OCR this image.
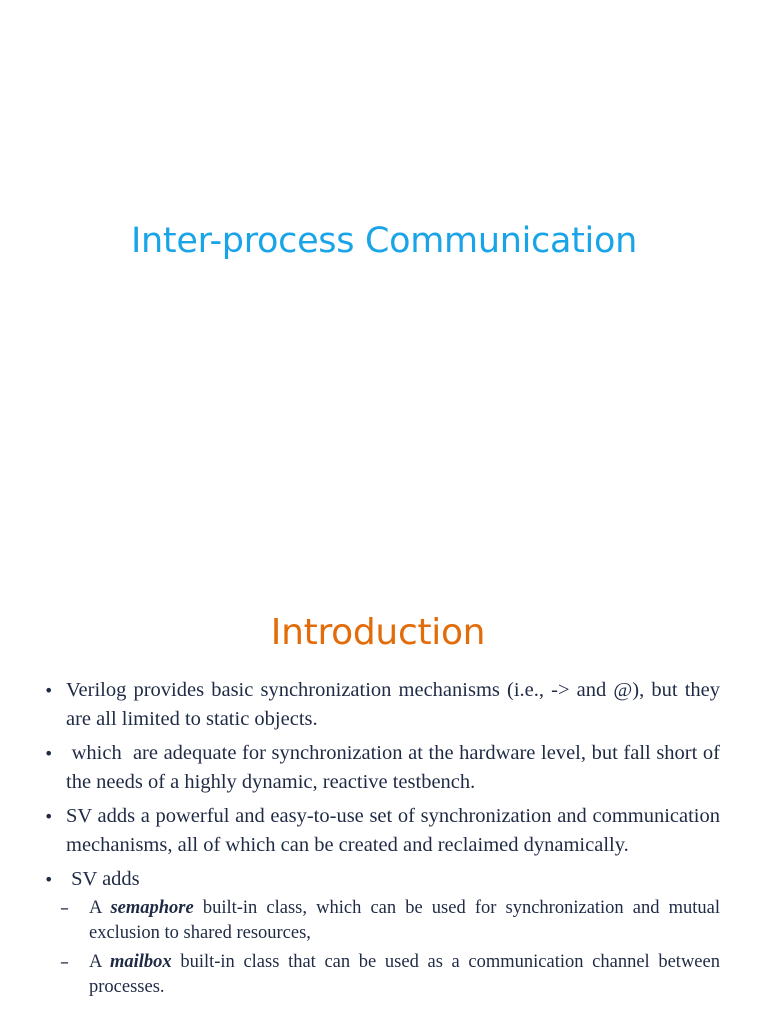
Inter-process Communication
Introduction
• Verilog provides basic synchronization mechanisms (i.e., -> and @), but they are all limited to static objects.
• which  are adequate for synchronization at the hardware level, but fall short of the needs of a highly dynamic, reactive testbench.
• SV adds a powerful and easy-to-use set of synchronization and communication mechanisms, all of which can be created and reclaimed dynamically.
• SV adds
– A semaphore built-in class, which can be used for synchronization and mutual exclusion to shared resources,
– A mailbox built-in class that can be used as a communication channel between processes.
